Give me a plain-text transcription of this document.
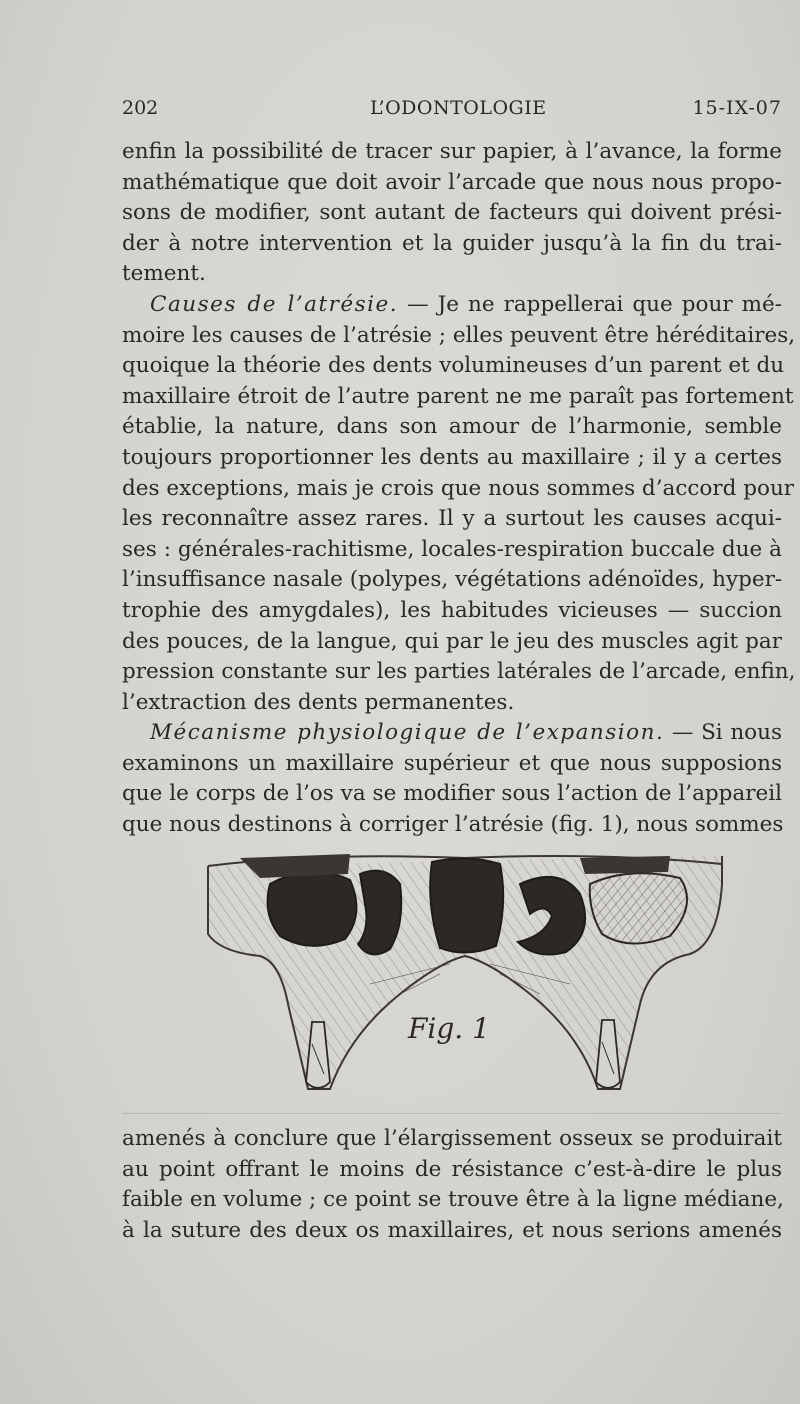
202	L’ODONTOLOGIE	15-IX-07
enfin la possibilité de tracer sur papier, à l’avance, la forme
mathématique que doit avoir l’arcade que nous nous propo-
sons de modifier, sont autant de facteurs qui doivent prési-
der à notre intervention et la guider jusqu’à la fin du trai-
tement.
Causes de l’atrésie. — Je ne rappellerai que pour mé-
moire les causes de l’atrésie ; elles peuvent être héréditaires,
quoique la théorie des dents volumineuses d’un parent et du
maxillaire étroit de l’autre parent ne me paraît pas fortement
établie, la nature, dans son amour de l’harmonie, semble
toujours proportionner les dents au maxillaire ; il y a certes
des exceptions, mais je crois que nous sommes d’accord pour
les reconnaître assez rares. Il y a surtout les causes acqui-
ses : générales-rachitisme, locales-respiration buccale due à
l’insuffisance nasale (polypes, végétations adénoïdes, hyper-
trophie des amygdales), les habitudes vicieuses — succion
des pouces, de la langue, qui par le jeu des muscles agit par
pression constante sur les parties latérales de l’arcade, enfin,
l’extraction des dents permanentes.
Mécanisme physiologique de l’expansion. — Si nous
examinons un maxillaire supérieur et que nous supposions
que le corps de l’os va se modifier sous l’action de l’appareil
que nous destinons à corriger l’atrésie (fig. 1), nous sommes
Fig. 1
amenés à conclure que l’élargissement osseux se produirait
au point offrant le moins de résistance c’est-à-dire le plus
faible en volume ; ce point se trouve être à la ligne médiane,
à la suture des deux os maxillaires, et nous serions amenés
